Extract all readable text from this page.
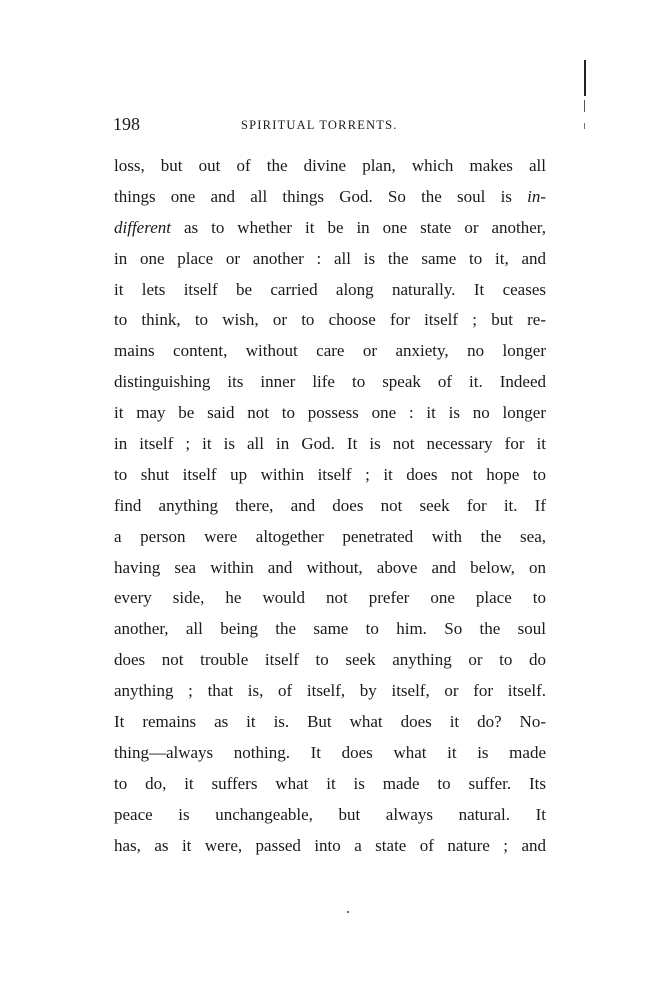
198	SPIRITUAL TORRENTS.
loss, but out of the divine plan, which makes all
things one and all things God. So the soul is in-
different as to whether it be in one state or another,
in one place or another : all is the same to it, and
it lets itself be carried along naturally. It ceases
to think, to wish, or to choose for itself ; but re-
mains content, without care or anxiety, no longer
distinguishing its inner life to speak of it. Indeed
it may be said not to possess one : it is no longer
in itself ; it is all in God. It is not necessary for it
to shut itself up within itself ; it does not hope to
find anything there, and does not seek for it. If
a person were altogether penetrated with the sea,
having sea within and without, above and below, on
every side, he would not prefer one place to
another, all being the same to him. So the soul
does not trouble itself to seek anything or to do
anything ; that is, of itself, by itself, or for itself.
It remains as it is. But what does it do? No-
thing—always nothing. It does what it is made
to do, it suffers what it is made to suffer. Its
peace is unchangeable, but always natural. It
has, as it were, passed into a state of nature ; and
